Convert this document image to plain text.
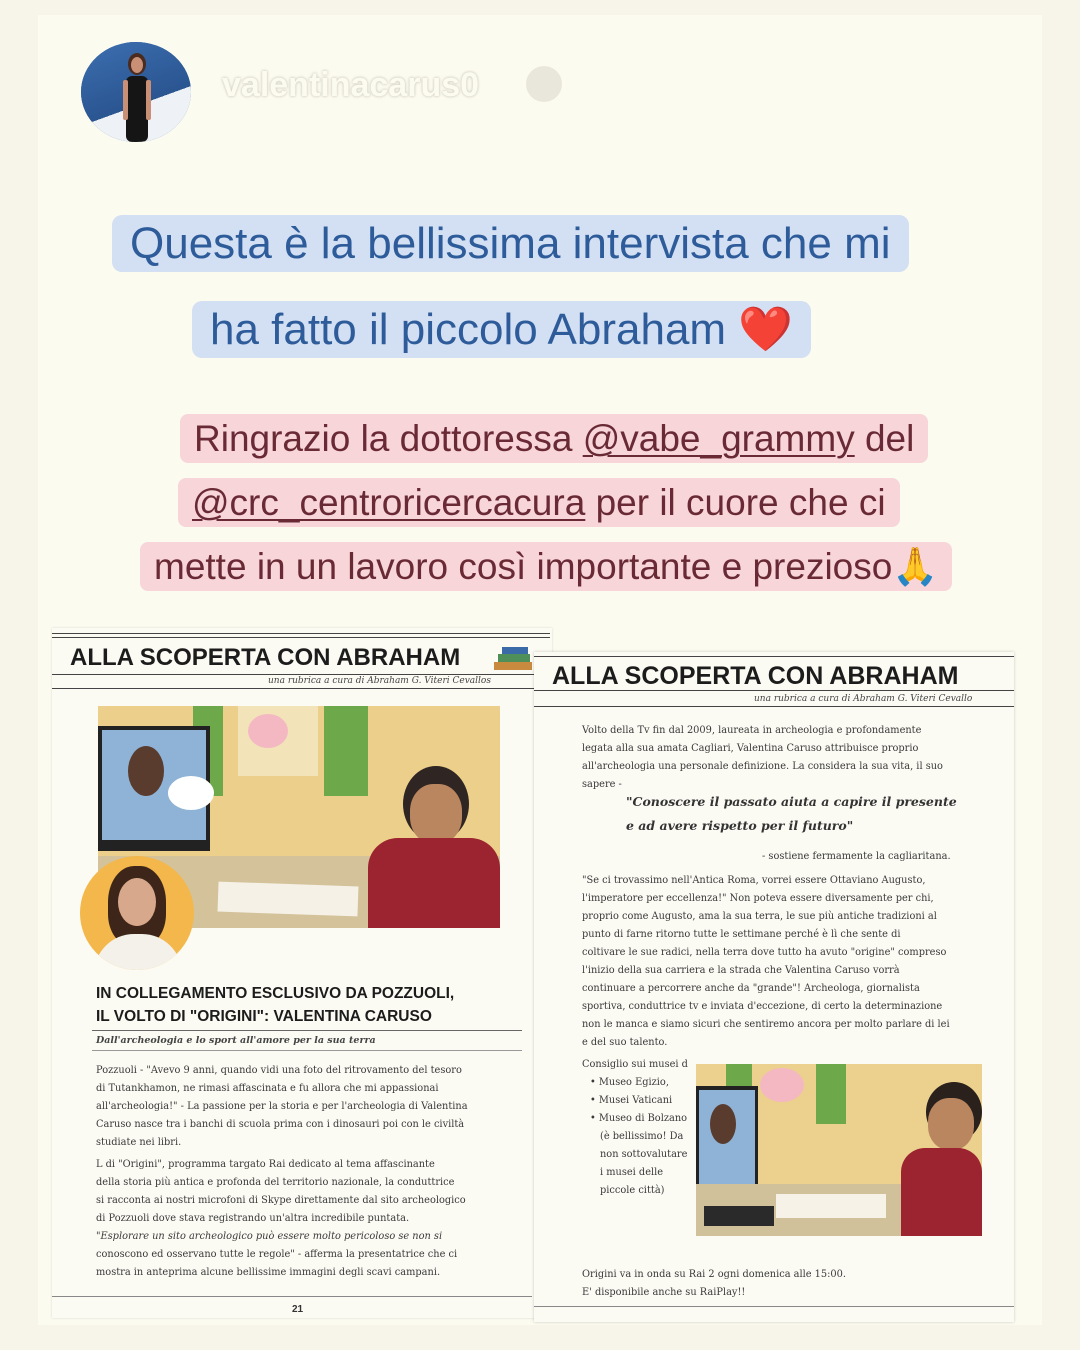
valentinacarus0
Questa è la bellissima intervista che mi
ha fatto il piccolo Abraham ❤️
Ringrazio la dottoressa @vabe_grammy del
@crc_centroricercacura per il cuore che ci
mette in un lavoro così importante e prezioso🙏
ALLA SCOPERTA CON ABRAHAM
una rubrica a cura di Abraham G. Viteri Cevallos
IN COLLEGAMENTO ESCLUSIVO DA POZZUOLI,
IL VOLTO DI "ORIGINI": VALENTINA CARUSO
Dall'archeologia e lo sport all'amore per la sua terra
Pozzuoli - "Avevo 9 anni, quando vidi una foto del ritrovamento del tesoro
di Tutankhamon, ne rimasi affascinata e fu allora che mi appassionai
all'archeologia!" - La passione per la storia e per l'archeologia di Valentina
Caruso nasce tra i banchi di scuola prima con i dinosauri poi con le civiltà
studiate nei libri.
L di "Origini", programma targato Rai dedicato al tema affascinante
della storia più antica e profonda del territorio nazionale, la conduttrice
si racconta ai nostri microfoni di Skype direttamente dal sito archeologico
di Pozzuoli dove stava registrando un'altra incredibile puntata.
"Esplorare un sito archeologico può essere molto pericoloso se non si
conoscono ed osservano tutte le regole" - afferma la presentatrice che ci
mostra in anteprima alcune bellissime immagini degli scavi campani.
21
ALLA SCOPERTA CON ABRAHAM
una rubrica a cura di Abraham G. Viteri Cevallo
Volto della Tv fin dal 2009, laureata in archeologia e profondamente
legata alla sua amata Cagliari, Valentina Caruso attribuisce proprio
all'archeologia una personale definizione. La considera la sua vita, il suo
sapere -
"Conoscere il passato aiuta a capire il presente
e ad avere rispetto per il futuro"
- sostiene fermamente la cagliaritana.
"Se ci trovassimo nell'Antica Roma, vorrei essere Ottaviano Augusto,
l'imperatore per eccellenza!" Non poteva essere diversamente per chi,
proprio come Augusto, ama la sua terra, le sue più antiche tradizioni al
punto di farne ritorno tutte le settimane perché è lì che sente di
coltivare le sue radici, nella terra dove tutto ha avuto "origine" compreso
l'inizio della sua carriera e la strada che Valentina Caruso vorrà
continuare a percorrere anche da "grande"! Archeologa, giornalista
sportiva, conduttrice tv e inviata d'eccezione, di certo la determinazione
non le manca e siamo sicuri che sentiremo ancora per molto parlare di lei
e del suo talento.
Consiglio sui musei d
• Museo Egizio,
• Musei Vaticani
• Museo di Bolzano
(è bellissimo! Da
non sottovalutare
i musei delle
piccole città)
Origini va in onda su Rai 2 ogni domenica alle 15:00.
E' disponibile anche su RaiPlay!!
